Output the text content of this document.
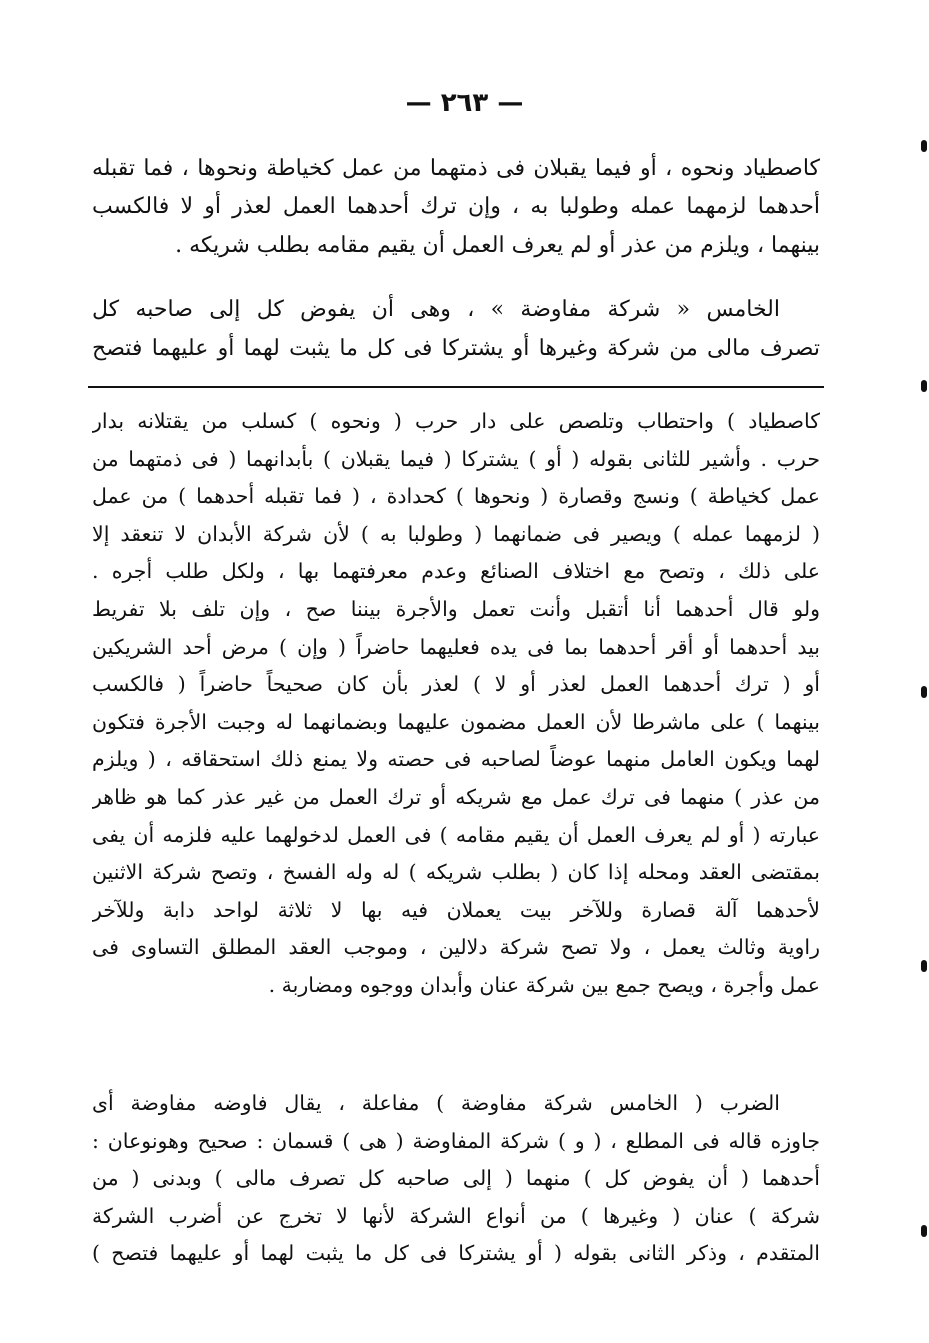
— ٢٦٣ —
كاصطياد ونحوه ، أو فيما يقبلان فى ذمتهما من عمل كخياطة ونحوها ، فما تقبله
أحدهما لزمهما عمله وطولبا به ، وإن ترك أحدهما العمل لعذر أو لا فالكسب
بينهما ، ويلزم من عذر أو لم يعرف العمل أن يقيم مقامه بطلب شريكه .
الخامس « شركة مفاوضة » ، وهى أن يفوض كل إلى صاحبه كل
تصرف مالى من شركة وغيرها أو يشتركا فى كل ما يثبت لهما أو عليهما فتصح
كاصطياد ) واحتطاب وتلصص على دار حرب ( ونحوه ) كسلب من يقتلانه بدار
حرب . وأشير للثانى بقوله ( أو ) يشتركا ( فيما يقبلان ) بأبدانهما ( فى ذمتهما من
عمل كخياطة ) ونسج وقصارة ( ونحوها ) كحدادة ، ( فما تقبله أحدهما ) من عمل
( لزمهما عمله ) ويصير فى ضمانهما ( وطولبا به ) لأن شركة الأبدان لا تنعقد إلا
على ذلك ، وتصح مع اختلاف الصنائع وعدم معرفتهما بها ، ولكل طلب أجره .
ولو قال أحدهما أنا أتقبل وأنت تعمل والأجرة بيننا صح ، وإن تلف بلا تفريط
بيد أحدهما أو أقر أحدهما بما فى يده فعليهما حاضراً ( وإن ) مرض أحد الشريكين
أو ( ترك أحدهما العمل لعذر أو لا ) لعذر بأن كان صحيحاً حاضراً ( فالكسب
بينهما ) على ماشرطا لأن العمل مضمون عليهما وبضمانهما له وجبت الأجرة فتكون
لهما ويكون العامل منهما عوضاً لصاحبه فى حصته ولا يمنع ذلك استحقاقه ، ( ويلزم
من عذر ) منهما فى ترك عمل مع شريكه أو ترك العمل من غير عذر كما هو ظاهر
عبارته ( أو لم يعرف العمل أن يقيم مقامه ) فى العمل لدخولهما عليه فلزمه أن يفى
بمقتضى العقد ومحله إذا كان ( بطلب شريكه ) له وله الفسخ ، وتصح شركة الاثنين
لأحدهما آلة قصارة وللآخر بيت يعملان فيه بها لا ثلاثة لواحد دابة وللآخر
راوية وثالث يعمل ، ولا تصح شركة دلالين ، وموجب العقد المطلق التساوى فى
عمل وأجرة ، ويصح جمع بين شركة عنان وأبدان ووجوه ومضاربة .
الضرب ( الخامس شركة مفاوضة ) مفاعلة ، يقال فاوضه مفاوضة أى
جاوزه قاله فى المطلع ، ( و ) شركة المفاوضة ( هى ) قسمان : صحيح وهونوعان :
أحدهما ( أن يفوض كل ) منهما ( إلى صاحبه كل تصرف مالى ) وبدنى ( من
شركة ) عنان ( وغيرها ) من أنواع الشركة لأنها لا تخرج عن أضرب الشركة
المتقدم ، وذكر الثانى بقوله ( أو يشتركا فى كل ما يثبت لهما أو عليهما فتصح )
